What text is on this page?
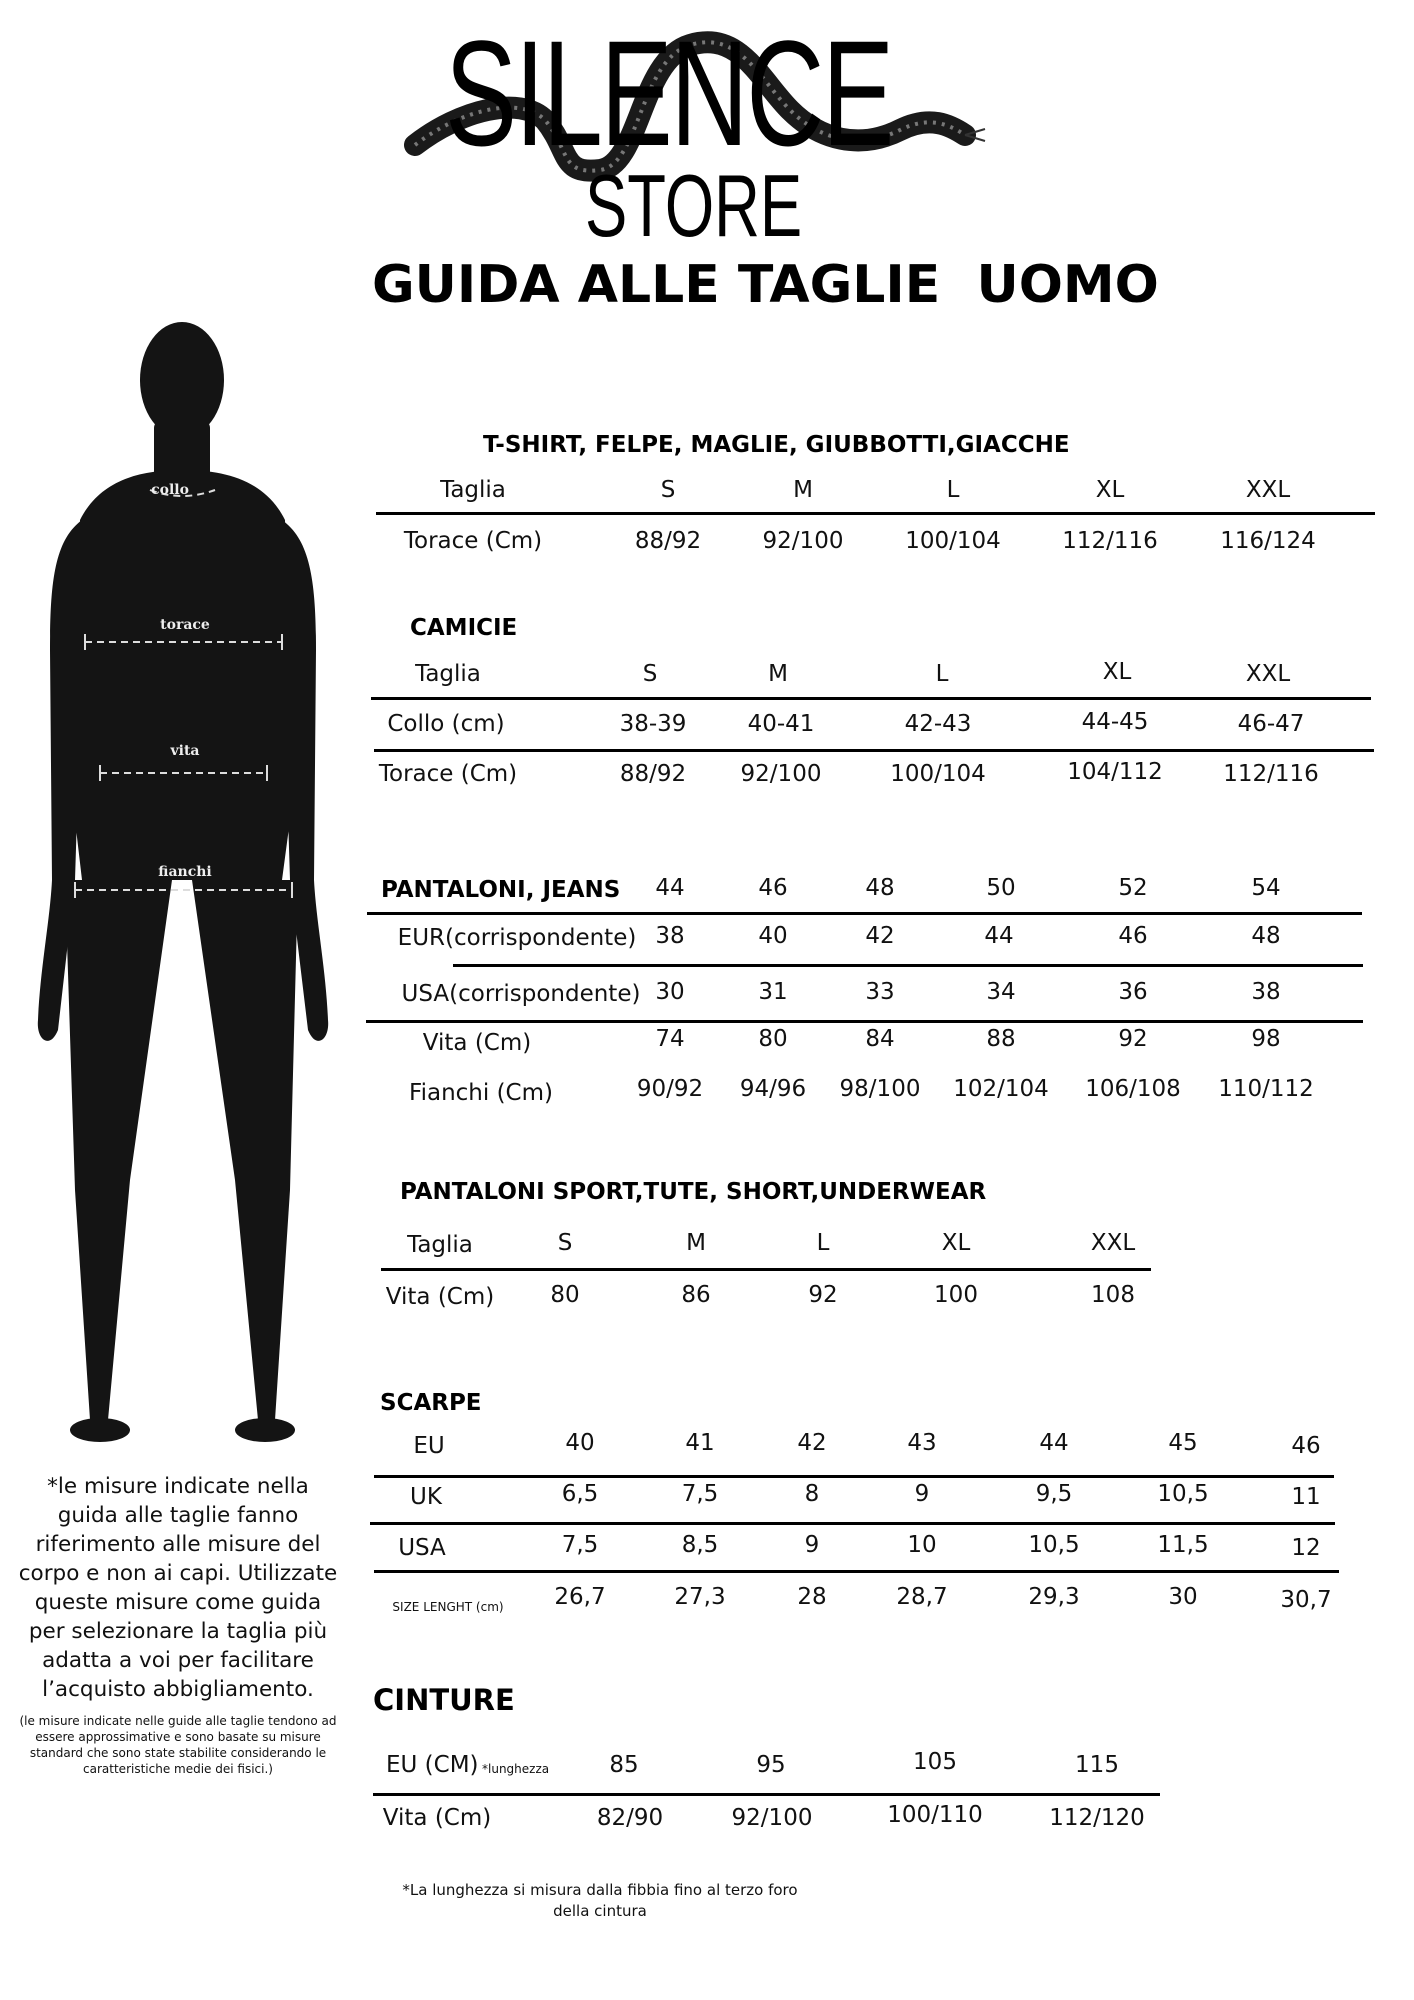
SILENCE
STORE
GUIDA ALLE TAGLIE  UOMO
collo
torace
vita
fianchi
*le misure indicate nella guida alle taglie fanno riferimento alle misure del corpo e non ai capi. Utilizzate queste misure come guida per selezionare la taglia più adatta a voi per facilitare l’acquisto abbigliamento.
(le misure indicate nelle guide alle taglie tendono ad essere approssimative e sono basate su misure standard che sono state stabilite considerando le caratteristiche medie dei fisici.)
T-SHIRT, FELPE, MAGLIE, GIUBBOTTI,GIACCHE
Taglia	S	M	L	XL	XXL
Torace (Cm)	88/92	92/100	100/104	112/116	116/124
CAMICIE
Taglia	S	M	L	XL	XXL
Collo (cm)	38-39	40-41	42-43	44-45	46-47
Torace (Cm)	88/92 92/100	100/104	104/112	112/116
PANTALONI, JEANS 44	46	48	50	52	54
EUR(corrispondente) 38	40	42	44	46	48
USA(corrispondente) 30	31	33	34	36	38
Vita (Cm)	74	80	84	88	92	98
Fianchi (Cm)	90/92 94/96 98/100 102/104 106/108 110/112
PANTALONI SPORT,TUTE, SHORT,UNDERWEAR
Taglia	S	M	L	XL	XXL
Vita (Cm) 80	86	92	100	108
SCARPE
EU	40	41	42	43	44	45	46
UK	6,5	7,5	8	9	9,5	10,5	11
USA	7,5	8,5	9	10	10,5	11,5	12
SIZE LENGHT (cm) 26,7	27,3	28	28,7	29,3	30	30,7
CINTURE
EU (CM) *lunghezza	85	95	105	115
Vita (Cm)	82/90	92/100	100/110	112/120
*La lunghezza si misura dalla fibbia fino al terzo foro della cintura
